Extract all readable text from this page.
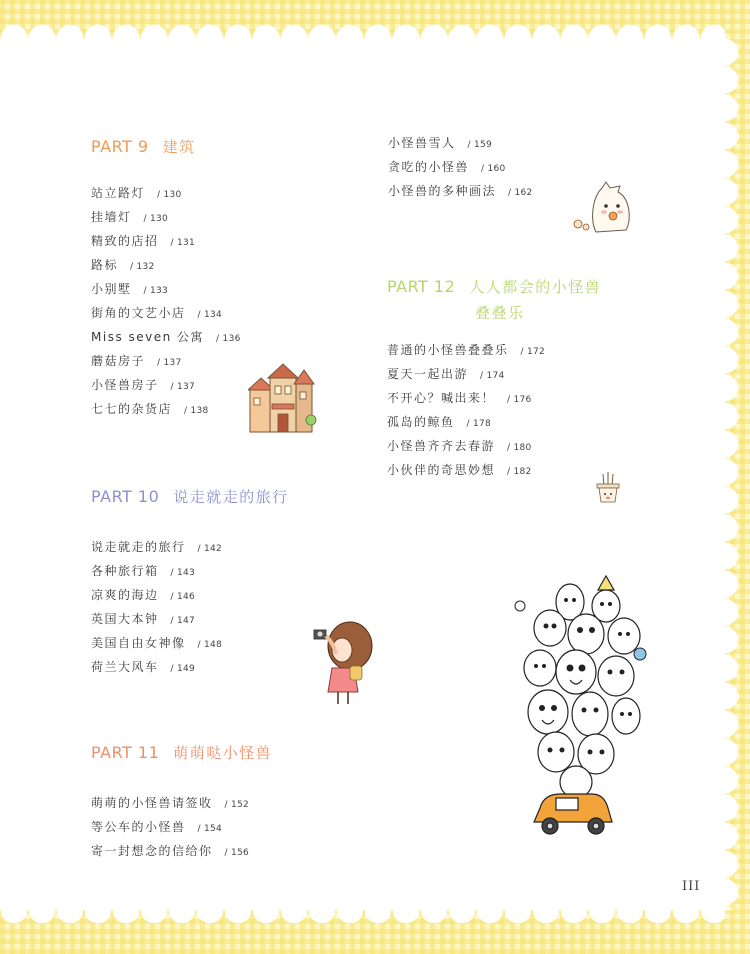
PART 9 建筑
站立路灯 / 130
挂墙灯 / 130
精致的店招 / 131
路标 / 132
小别墅 / 133
街角的文艺小店 / 134
Miss seven 公寓 / 136
蘑菇房子 / 137
小怪兽房子 / 137
七七的杂货店 / 138
PART 10 说走就走的旅行
说走就走的旅行 / 142
各种旅行箱 / 143
凉爽的海边 / 146
英国大本钟 / 147
美国自由女神像 / 148
荷兰大风车 / 149
PART 11 萌萌哒小怪兽
萌萌的小怪兽请签收 / 152
等公车的小怪兽 / 154
寄一封想念的信给你 / 156
小怪兽雪人 / 159
贪吃的小怪兽 / 160
小怪兽的多种画法 / 162
PART 12 人人都会的小怪兽
叠叠乐
普通的小怪兽叠叠乐 / 172
夏天一起出游 / 174
不开心？喊出来！ / 176
孤岛的鲸鱼 / 178
小怪兽齐齐去春游 / 180
小伙伴的奇思妙想 / 182
III
